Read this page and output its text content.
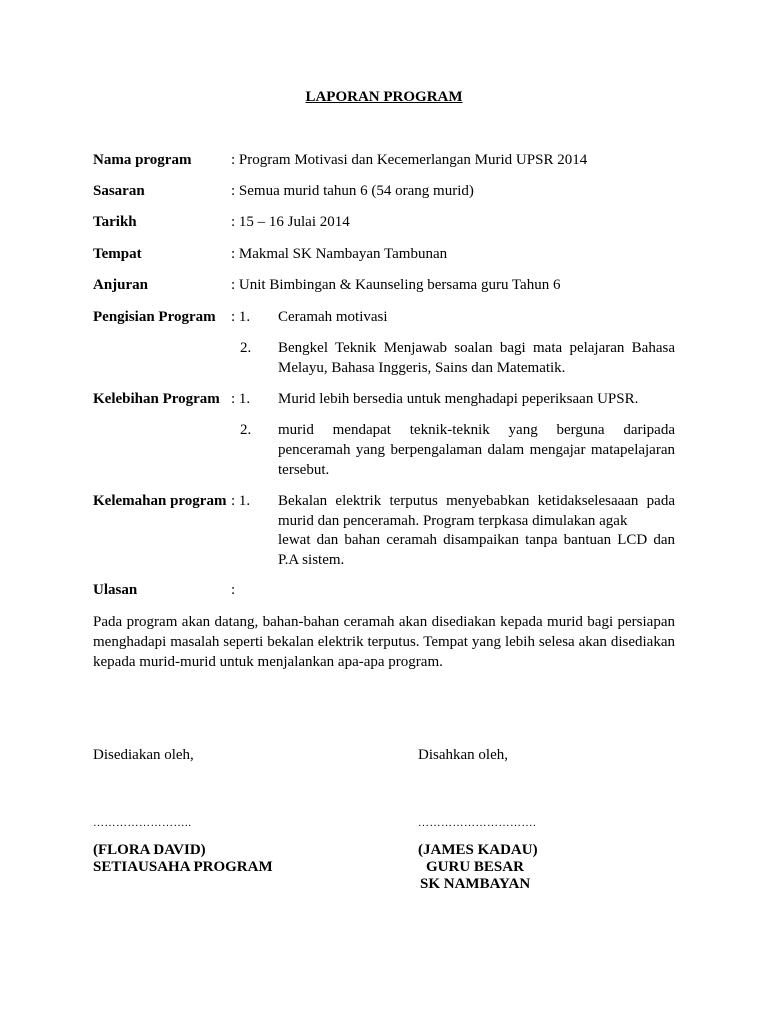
LAPORAN PROGRAM
Nama program	: Program Motivasi dan Kecemerlangan Murid UPSR 2014
Sasaran	: Semua murid tahun 6 (54 orang murid)
Tarikh	: 15 – 16 Julai 2014
Tempat	: Makmal SK Nambayan Tambunan
Anjuran	: Unit Bimbingan & Kaunseling bersama guru Tahun 6
Pengisian Program : 1. Ceramah motivasi
2. Bengkel Teknik Menjawab soalan bagi mata pelajaran Bahasa Melayu, Bahasa Inggeris, Sains dan Matematik.
Kelebihan Program : 1. Murid lebih bersedia untuk menghadapi peperiksaan UPSR.
2. murid mendapat teknik-teknik yang berguna daripada penceramah yang berpengalaman dalam mengajar matapelajaran tersebut.
Kelemahan program : 1. Bekalan elektrik terputus menyebabkan ketidakselesaaan pada
murid dan penceramah. Program terpkasa dimulakan agak
lewat dan bahan ceramah disampaikan tanpa bantuan LCD dan
P.A sistem.
Ulasan	:
Pada program akan datang, bahan-bahan ceramah akan disediakan kepada murid bagi persiapan menghadapi masalah seperti bekalan elektrik terputus. Tempat yang lebih selesa akan disediakan kepada murid-murid untuk menjalankan apa-apa program.
Disediakan oleh,
……………………..
(FLORA DAVID)
SETIAUSAHA PROGRAM
Disahkan oleh,
………………………….
(JAMES KADAU)
GURU BESAR
SK NAMBAYAN
